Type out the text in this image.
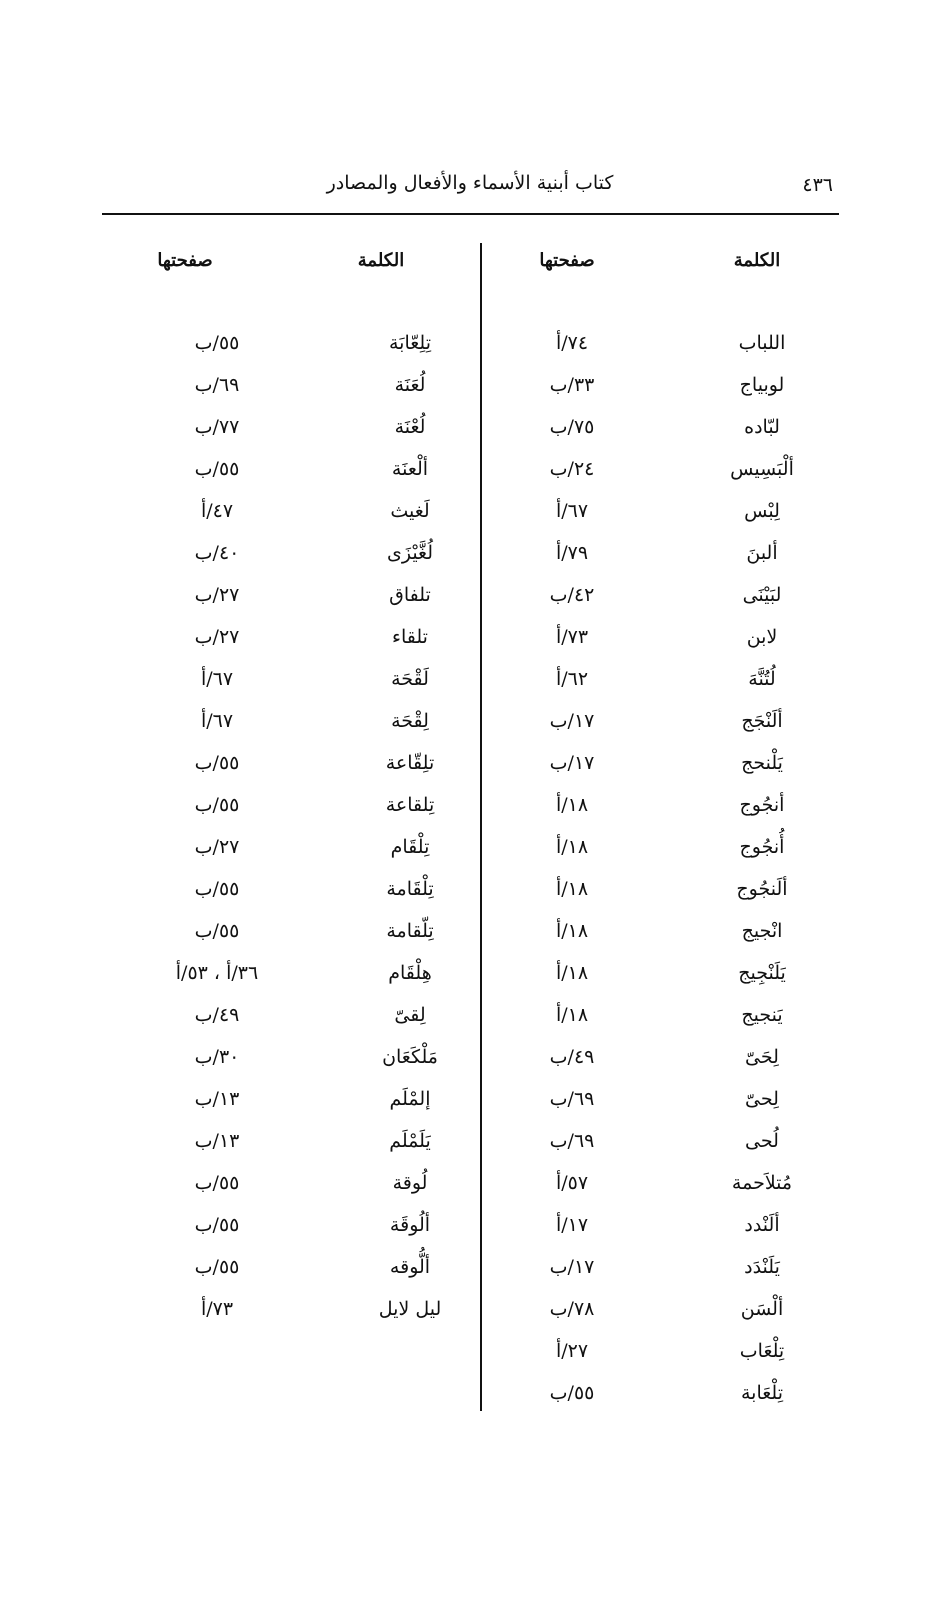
كتاب أبنية الأسماء والأفعال والمصادر	٤٣٦
الكلمة
صفحتها
الكلمة
صفحتها
اللباب
٧٤/أ
لوبياج
٣٣/ب
لبّاده
٧٥/ب
ألْبَسِيس
٢٤/ب
لِبْس
٦٧/أ
ألبنَ
٧٩/أ
لبَيْنَى
٤٢/ب
لابن
٧٣/أ
لُتُنَّهَ
٦٢/أ
ألَنْجَج
١٧/ب
يَلْنحج
١٧/ب
أنجُوج
١٨/أ
أُنجُوج
١٨/أ
ألَنجُوج
١٨/أ
انْجيج
١٨/أ
يَلَنْجِيج
١٨/أ
يَنجيج
١٨/أ
لِحَىّ
٤٩/ب
لِحىّ
٦٩/ب
لُحى
٦٩/ب
مُتلاَحمة
٥٧/أ
ألَنْدد
١٧/أ
يَلَنْدَد
١٧/ب
ألْسَن
٧٨/ب
تِلْعَاب
٢٧/أ
تِلْعَابة
٥٥/ب
تِلِعّابَة
٥٥/ب
لُعَنَة
٦٩/ب
لُعْنَة
٧٧/ب
ألْعنَة
٥٥/ب
لَغيث
٤٧/أ
لُغَّيْزَى
٤٠/ب
تلفاق
٢٧/ب
تلقاء
٢٧/ب
لَقْحَة
٦٧/أ
لِقْحَة
٦٧/أ
تلِقّاعة
٥٥/ب
تِلقاعة
٥٥/ب
تِلْقَام
٢٧/ب
تِلْقَامة
٥٥/ب
تِلّقامة
٥٥/ب
هِلْقَام
٣٦/أ ، ٥٣/أ
لِقىّ
٤٩/ب
مَلْكَعَان
٣٠/ب
إلمْلَم
١٣/ب
يَلَمْلَم
١٣/ب
لُوقة
٥٥/ب
ألُوقَة
٥٥/ب
ألُّوقه
٥٥/ب
ليل لايل
٧٣/أ
